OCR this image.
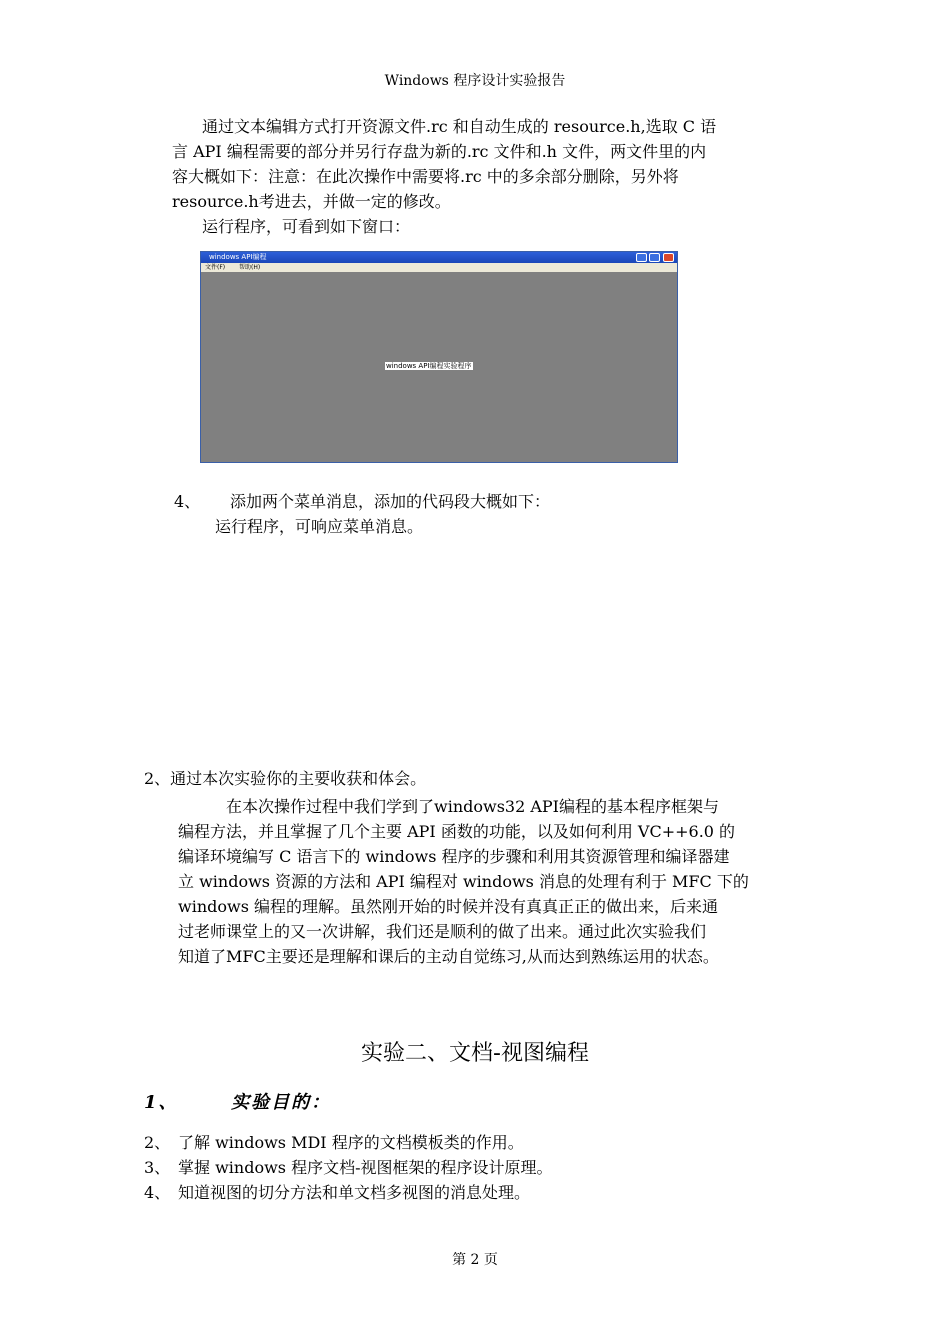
Windows 程序设计实验报告
通过文本编辑方式打开资源文件.rc 和自动生成的 resource.h,选取 C 语
言 API 编程需要的部分并另行存盘为新的.rc 文件和.h 文件，两文件里的内
容大概如下：注意：在此次操作中需要将.rc 中的多余部分删除，另外将
resource.h考进去，并做一定的修改。
运行程序，可看到如下窗口：
windows API编程
文件(F) 帮助(H)
windows API编程实验程序
4、 添加两个菜单消息，添加的代码段大概如下：
运行程序，可响应菜单消息。
2、通过本次实验你的主要收获和体会。
在本次操作过程中我们学到了windows32 API编程的基本程序框架与
编程方法，并且掌握了几个主要 API 函数的功能，以及如何利用 VC++6.0 的
编译环境编写 C 语言下的 windows 程序的步骤和利用其资源管理和编译器建
立 windows 资源的方法和 API 编程对 windows 消息的处理有利于 MFC 下的
windows 编程的理解。虽然刚开始的时候并没有真真正正的做出来，后来通
过老师课堂上的又一次讲解，我们还是顺利的做了出来。通过此次实验我们
知道了MFC主要还是理解和课后的主动自觉练习,从而达到熟练运用的状态。
实验二、文档-视图编程
1、	实验目的：
2、 了解 windows MDI 程序的文档模板类的作用。
3、 掌握 windows 程序文档-视图框架的程序设计原理。
4、 知道视图的切分方法和单文档多视图的消息处理。
第 2 页
